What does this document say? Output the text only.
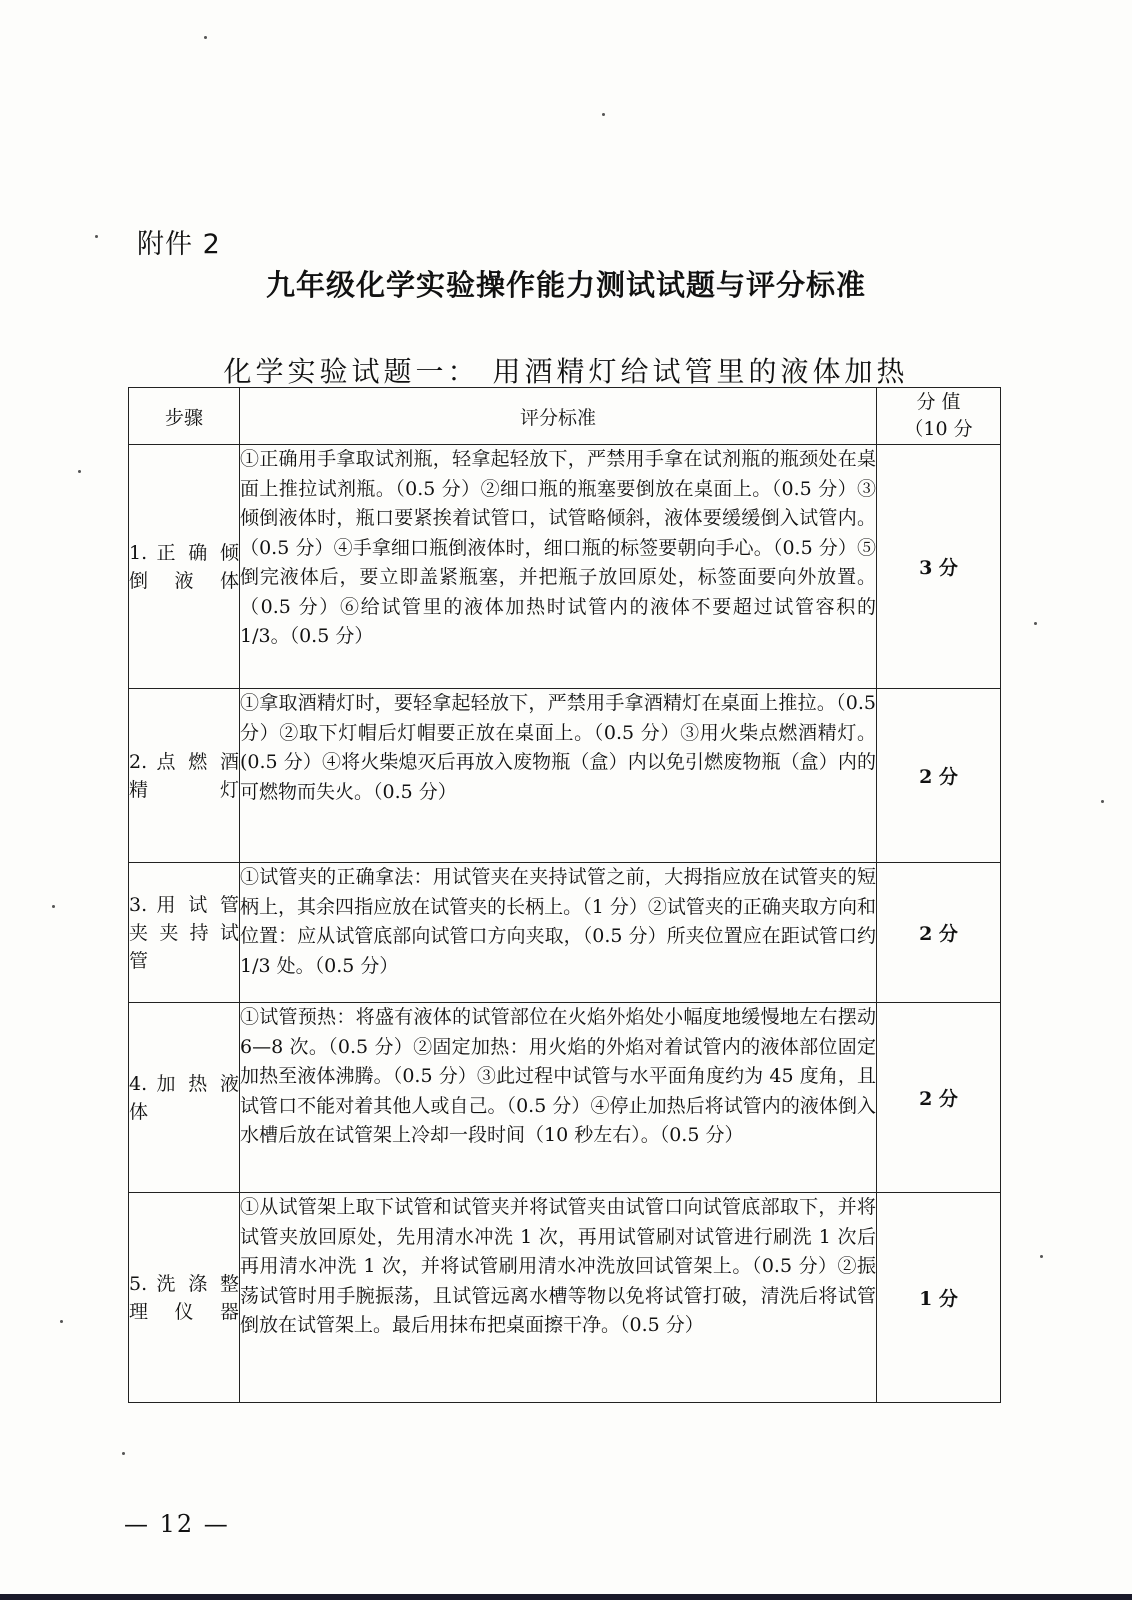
附件 2
九年级化学实验操作能力测试试题与评分标准
化学实验试题一： 用酒精灯给试管里的液体加热
步骤	评分标准	分 值
（10 分

1. 正 确 倾倒液体	①正确用手拿取试剂瓶，轻拿起轻放下，严禁用手拿在试剂瓶的瓶颈处在桌面上推拉试剂瓶。（0.5 分）②细口瓶的瓶塞要倒放在桌面上。（0.5 分）③倾倒液体时，瓶口要紧挨着试管口，试管略倾斜，液体要缓缓倒入试管内。（0.5 分）④手拿细口瓶倒液体时，细口瓶的标签要朝向手心。（0.5 分）⑤倒完液体后，要立即盖紧瓶塞，并把瓶子放回原处，标签面要向外放置。（0.5 分）⑥给试管里的液体加热时试管内的液体不要超过试管容积的 1/3。（0.5 分）	3 分
2. 点 燃 酒精灯	①拿取酒精灯时，要轻拿起轻放下，严禁用手拿酒精灯在桌面上推拉。（0.5 分）②取下灯帽后灯帽要正放在桌面上。（0.5 分）③用火柴点燃酒精灯。(0.5 分）④将火柴熄灭后再放入废物瓶（盒）内以免引燃废物瓶（盒）内的可燃物而失火。（0.5 分）	2 分
3. 用 试 管夹 夹 持 试管	①试管夹的正确拿法：用试管夹在夹持试管之前，大拇指应放在试管夹的短柄上，其余四指应放在试管夹的长柄上。（1 分）②试管夹的正确夹取方向和位置：应从试管底部向试管口方向夹取，（0.5 分）所夹位置应在距试管口约 1/3 处。（0.5 分）	2 分
4. 加 热 液体	①试管预热：将盛有液体的试管部位在火焰外焰处小幅度地缓慢地左右摆动 6—8 次。（0.5 分）②固定加热：用火焰的外焰对着试管内的液体部位固定加热至液体沸腾。（0.5 分）③此过程中试管与水平面角度约为 45 度角，且试管口不能对着其他人或自己。（0.5 分）④停止加热后将试管内的液体倒入水槽后放在试管架上冷却一段时间（10 秒左右）。（0.5 分）	2 分
5. 洗 涤 整理仪器	①从试管架上取下试管和试管夹并将试管夹由试管口向试管底部取下，并将试管夹放回原处，先用清水冲洗 1 次，再用试管刷对试管进行刷洗 1 次后再用清水冲洗 1 次，并将试管刷用清水冲洗放回试管架上。（0.5 分）②振荡试管时用手腕振荡，且试管远离水槽等物以免将试管打破，清洗后将试管倒放在试管架上。最后用抹布把桌面擦干净。（0.5 分）	1 分
— 12 —
